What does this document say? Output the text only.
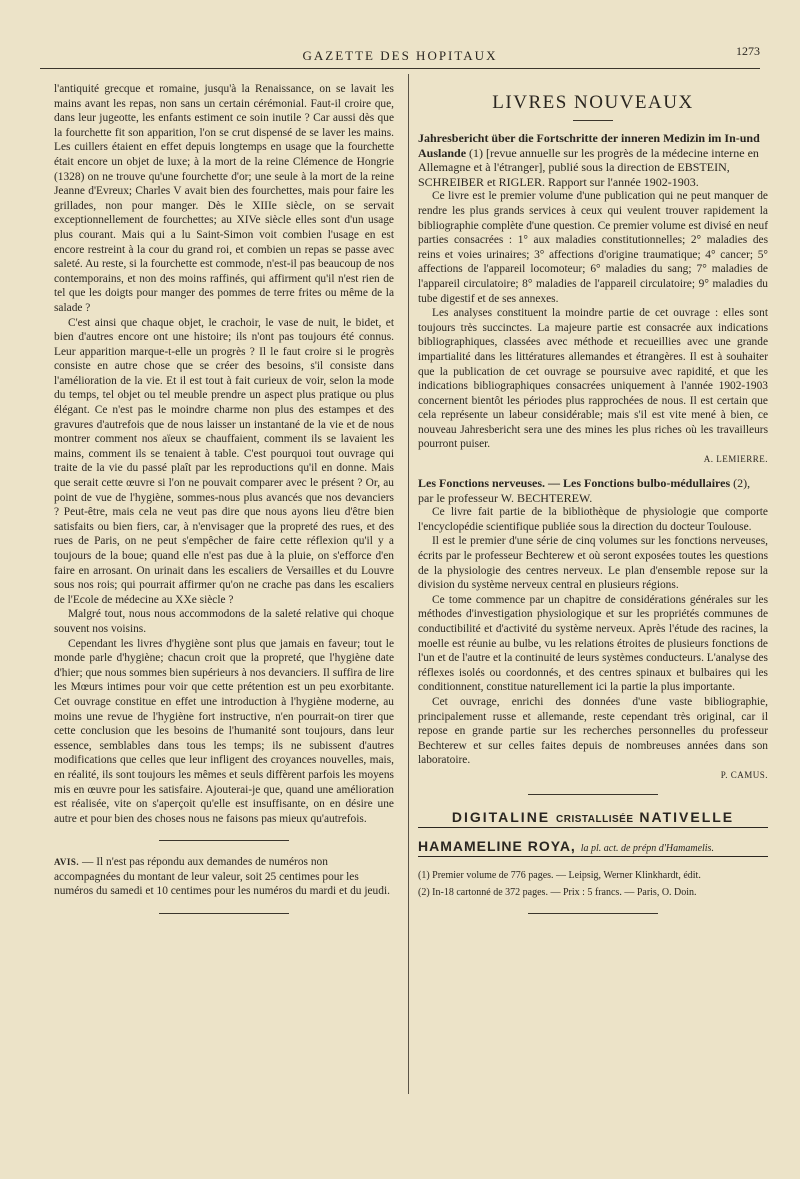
GAZETTE DES HOPITAUX	1273

l'antiquité grecque et romaine, jusqu'à la Renaissance, on se lavait les mains avant les repas, non sans un certain cérémonial. Faut-il croire que, dans leur jugeotte, les enfants estiment ce soin inutile ? Car aussi dès que la fourchette fit son apparition, l'on se crut dispensé de se laver les mains. Les cuillers étaient en effet depuis longtemps en usage que la fourchette était encore un objet de luxe; à la mort de la reine Clémence de Hongrie (1328) on ne trouve qu'une fourchette d'or; une seule à la mort de la reine Jeanne d'Evreux; Charles V avait bien des fourchettes, mais pour faire les grillades, non pour manger. Dès le XIIIe siècle, on se servait exceptionnellement de fourchettes; au XIVe siècle elles sont d'un usage plus courant. Mais qui a lu Saint-Simon voit combien l'usage en est encore restreint à la cour du grand roi, et combien un repas se passe avec saleté. Au reste, si la fourchette est commode, n'est-il pas beaucoup de nos contemporains, et non des moins raffinés, qui affirment qu'il n'est rien de tel que les doigts pour manger des pommes de terre frites ou même de la salade ?

C'est ainsi que chaque objet, le crachoir, le vase de nuit, le bidet, et bien d'autres encore ont une histoire; ils n'ont pas toujours été connus. Leur apparition marque-t-elle un progrès ? Il le faut croire si le progrès consiste en autre chose que se créer des besoins, s'il consiste dans l'amélioration de la vie. Et il est tout à fait curieux de voir, selon la mode du temps, tel objet ou tel meuble prendre un aspect plus pratique ou plus élégant. Ce n'est pas le moindre charme non plus des estampes et des gravures d'autrefois que de nous laisser un instantané de la vie et de nous montrer comment nos aïeux se chauffaient, comment ils se lavaient les mains, comment ils se tenaient à table. C'est pourquoi tout ouvrage qui traite de la vie du passé plaît par les reproductions qu'il en donne. Mais que serait cette œuvre si l'on ne pouvait comparer avec le présent ? Or, au point de vue de l'hygiène, sommes-nous plus avancés que nos devanciers ? Peut-être, mais cela ne veut pas dire que nous ayons lieu d'être bien satisfaits ou bien fiers, car, à n'envisager que la propreté des rues, et des rues de Paris, on ne peut s'empêcher de faire cette réflexion qu'il y a toujours de la boue; quand elle n'est pas due à la pluie, on s'efforce d'en faire en arrosant. On urinait dans les escaliers de Versailles et du Louvre sous nos rois; qui pourrait affirmer qu'on ne crache pas dans les escaliers de l'Ecole de médecine au XXe siècle ?

Malgré tout, nous nous accommodons de la saleté relative qui choque souvent nos voisins.

Cependant les livres d'hygiène sont plus que jamais en faveur; tout le monde parle d'hygiène; chacun croit que la propreté, que l'hygiène date d'hier; que nous sommes bien supérieurs à nos devanciers. Il suffira de lire les Mœurs intimes pour voir que cette prétention est un peu exorbitante. Cet ouvrage constitue en effet une introduction à l'hygiène moderne, au moins une revue de l'hygiène fort instructive, n'en pourrait-on tirer que cette conclusion que les besoins de l'humanité sont toujours, dans leur essence, semblables dans tous les temps; ils ne subissent d'autres modifications que celles que leur infligent des croyances nouvelles, mais, en réalité, ils sont toujours les mêmes et seuls diffèrent parfois les moyens mis en œuvre pour les satisfaire. Ajouterai-je que, quand une amélioration est réalisée, vite on s'aperçoit qu'elle est insuffisante, on en désire une autre et pour bien des choses nous ne faisons pas mieux qu'autrefois.

AVIS. — Il n'est pas répondu aux demandes de numéros non accompagnées du montant de leur valeur, soit 25 centimes pour les numéros du samedi et 10 centimes pour les numéros du mardi et du jeudi.
LIVRES NOUVEAUX
Jahresbericht über die Fortschritte der inneren Medizin im In-und Auslande (1) [revue annuelle sur les progrès de la médecine interne en Allemagne et à l'étranger], publié sous la direction de EBSTEIN, SCHREIBER et RIGLER. Rapport sur l'année 1902-1903.

Ce livre est le premier volume d'une publication qui ne peut manquer de rendre les plus grands services à ceux qui veulent trouver rapidement la bibliographie complète d'une question. Ce premier volume est divisé en neuf parties consacrées : 1° aux maladies constitutionnelles; 2° maladies des reins et voies urinaires; 3° affections d'origine traumatique; 4° cancer; 5° affections de l'appareil locomoteur; 6° maladies du sang; 7° maladies de l'appareil circulatoire; 8° maladies de l'appareil circulatoire; 9° maladies du tube digestif et de ses annexes.

Les analyses constituent la moindre partie de cet ouvrage : elles sont toujours très succinctes. La majeure partie est consacrée aux indications bibliographiques, classées avec méthode et recueillies avec une grande impartialité dans les littératures allemandes et étrangères. Il est à souhaiter que la publication de cet ouvrage se poursuive avec rapidité, et que les indications bibliographiques consacrées uniquement à l'année 1902-1903 concernent bientôt les périodes plus rapprochées de nous. Il est certain que cela représente un labeur considérable; mais s'il est vite mené à bien, ce nouveau Jahresbericht sera une des mines les plus riches où les travailleurs pourront puiser.

A. LEMIERRE.
Les Fonctions nerveuses. — Les Fonctions bulbo-médullaires (2), par le professeur W. BECHTEREW.

Ce livre fait partie de la bibliothèque de physiologie que comporte l'encyclopédie scientifique publiée sous la direction du docteur Toulouse.

Il est le premier d'une série de cinq volumes sur les fonctions nerveuses, écrits par le professeur Bechterew et où seront exposées toutes les questions de la physiologie des centres nerveux. Le plan d'ensemble repose sur la division du système nerveux central en plusieurs régions.

Ce tome commence par un chapitre de considérations générales sur les méthodes d'investigation physiologique et sur les propriétés communes de conductibilité et d'activité du système nerveux. Après l'étude des racines, la moelle est réunie au bulbe, vu les relations étroites de plusieurs fonctions de l'un et de l'autre et la continuité de leurs systèmes conducteurs. L'analyse des réflexes isolés ou coordonnés, et des centres spinaux et bulbaires qui les conditionnent, constitue naturellement ici la partie la plus importante.

Cet ouvrage, enrichi des données d'une vaste bibliographie, principalement russe et allemande, reste cependant très original, car il repose en grande partie sur les recherches personnelles du professeur Bechterew et sur celles faites depuis de nombreuses années dans son laboratoire.

P. CAMUS.
DIGITALINE CRISTALLISÉE NATIVELLE
HAMAMELINE ROYA, la pl. act. de prépn d'Hamamelis.

(1) Premier volume de 776 pages. — Leipsig, Werner Klinkhardt, édit.

(2) In-18 cartonné de 372 pages. — Prix : 5 francs. — Paris, O. Doin.
